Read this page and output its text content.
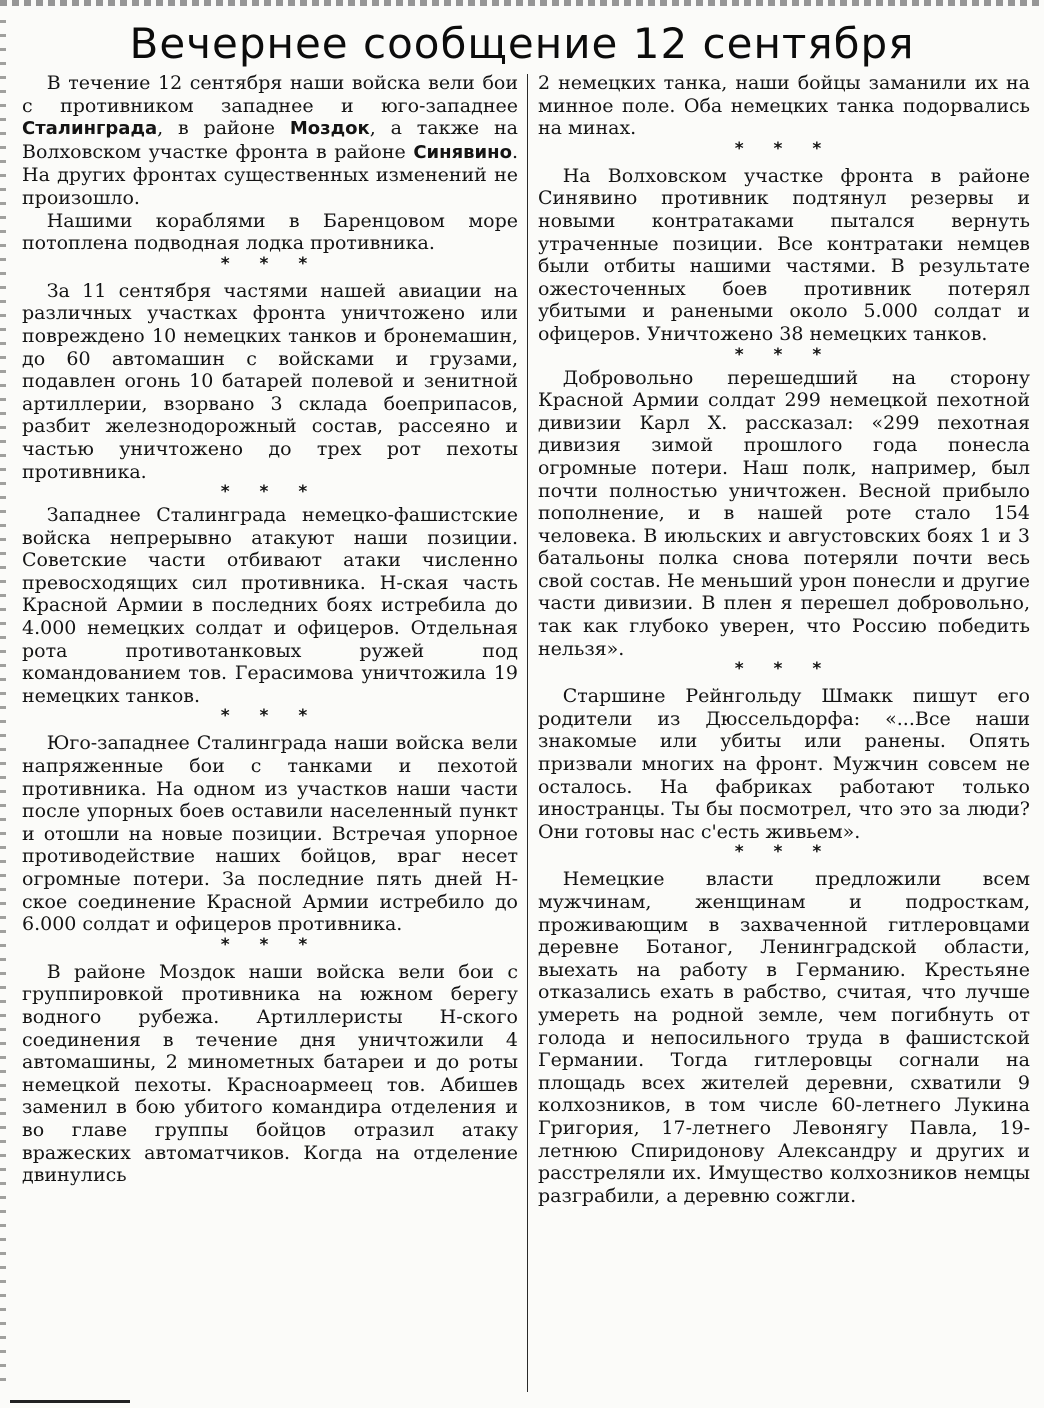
Вечернее сообщение 12 сентября

В течение 12 сентября наши войска вели бои с противником западнее и юго-западнее Сталинграда, в районе Моздок, а также на Волховском участке фронта в районе Синявино. На других фронтах существенных изменений не произошло.

Нашими кораблями в Баренцовом море потоплена подводная лодка противника.

* * *

За 11 сентября частями нашей авиации на различных участках фронта уничтожено или повреждено 10 немецких танков и бронемашин, до 60 автомашин с войсками и грузами, подавлен огонь 10 батарей полевой и зенитной артиллерии, взорвано 3 склада боеприпасов, разбит железнодорожный состав, рассеяно и частью уничтожено до трех рот пехоты противника.

* * *

Западнее Сталинграда немецко-фашистские войска непрерывно атакуют наши позиции. Советские части отбивают атаки численно превосходящих сил противника. Н-ская часть Красной Армии в последних боях истребила до 4.000 немецких солдат и офицеров. Отдельная рота противотанковых ружей под командованием тов. Герасимова уничтожила 19 немецких танков.

* * *

Юго-западнее Сталинграда наши войска вели напряженные бои с танками и пехотой противника. На одном из участков наши части после упорных боев оставили населенный пункт и отошли на новые позиции. Встречая упорное противодействие наших бойцов, враг несет огромные потери. За последние пять дней Н-ское соединение Красной Армии истребило до 6.000 солдат и офицеров противника.

* * *

В районе Моздок наши войска вели бои с группировкой противника на южном берегу водного рубежа. Артиллеристы Н-ского соединения в течение дня уничтожили 4 автомашины, 2 минометных батареи и до роты немецкой пехоты. Красноармеец тов. Абишев заменил в бою убитого командира отделения и во главе группы бойцов отразил атаку вражеских автоматчиков. Когда на отделение двинулись

2 немецких танка, наши бойцы заманили их на минное поле. Оба немецких танка подорвались на минах.

* * *

На Волховском участке фронта в районе Синявино противник подтянул резервы и новыми контратаками пытался вернуть утраченные позиции. Все контратаки немцев были отбиты нашими частями. В результате ожесточенных боев противник потерял убитыми и ранеными около 5.000 солдат и офицеров. Уничтожено 38 немецких танков.

* * *

Добровольно перешедший на сторону Красной Армии солдат 299 немецкой пехотной дивизии Карл Х. рассказал: «299 пехотная дивизия зимой прошлого года понесла огромные потери. Наш полк, например, был почти полностью уничтожен. Весной прибыло пополнение, и в нашей роте стало 154 человека. В июльских и августовских боях 1 и 3 батальоны полка снова потеряли почти весь свой состав. Не меньший урон понесли и другие части дивизии. В плен я перешел добровольно, так как глубоко уверен, что Россию победить нельзя».

* * *

Старшине Рейнгольду Шмакк пишут его родители из Дюссельдорфа: «...Все наши знакомые или убиты или ранены. Опять призвали многих на фронт. Мужчин совсем не осталось. На фабриках работают только иностранцы. Ты бы посмотрел, что это за люди? Они готовы нас с'есть живьем».

* * *

Немецкие власти предложили всем мужчинам, женщинам и подросткам, проживающим в захваченной гитлеровцами деревне Ботаног, Ленинградской области, выехать на работу в Германию. Крестьяне отказались ехать в рабство, считая, что лучше умереть на родной земле, чем погибнуть от голода и непосильного труда в фашистской Германии. Тогда гитлеровцы согнали на площадь всех жителей деревни, схватили 9 колхозников, в том числе 60-летнего Лукина Григория, 17-летнего Левонягу Павла, 19-летнюю Спиридонову Александру и других и расстреляли их. Имущество колхозников немцы разграбили, а деревню сожгли.
